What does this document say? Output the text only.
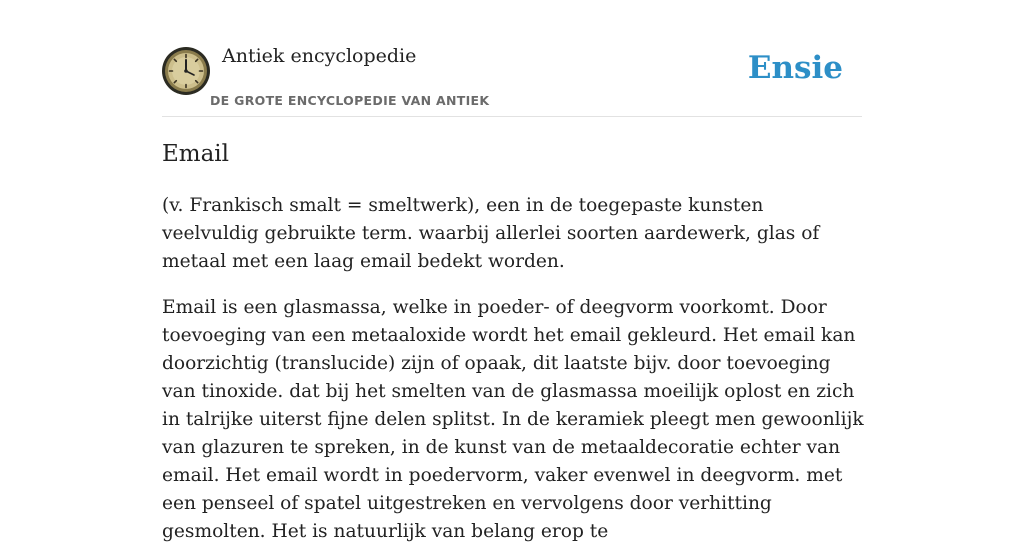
Antiek encyclopedie
DE GROTE ENCYCLOPEDIE VAN ANTIEK
Ensie
Email

(v. Frankisch smalt = smeltwerk), een in de toegepaste kunsten veelvuldig gebruikte term. waarbij allerlei soorten aardewerk, glas of metaal met een laag email bedekt worden.

Email is een glasmassa, welke in poeder- of deegvorm voorkomt. Door toevoeging van een metaaloxide wordt het email gekleurd. Het email kan doorzichtig (translucide) zijn of opaak, dit laatste bijv. door toevoeging van tinoxide. dat bij het smelten van de glasmassa moeilijk oplost en zich in talrijke uiterst fijne delen splitst. In de keramiek pleegt men gewoonlijk van glazuren te spreken, in de kunst van de metaaldecoratie echter van email. Het email wordt in poedervorm, vaker evenwel in deegvorm. met een penseel of spatel uitgestreken en vervolgens door verhitting gesmolten. Het is natuurlijk van belang erop te
